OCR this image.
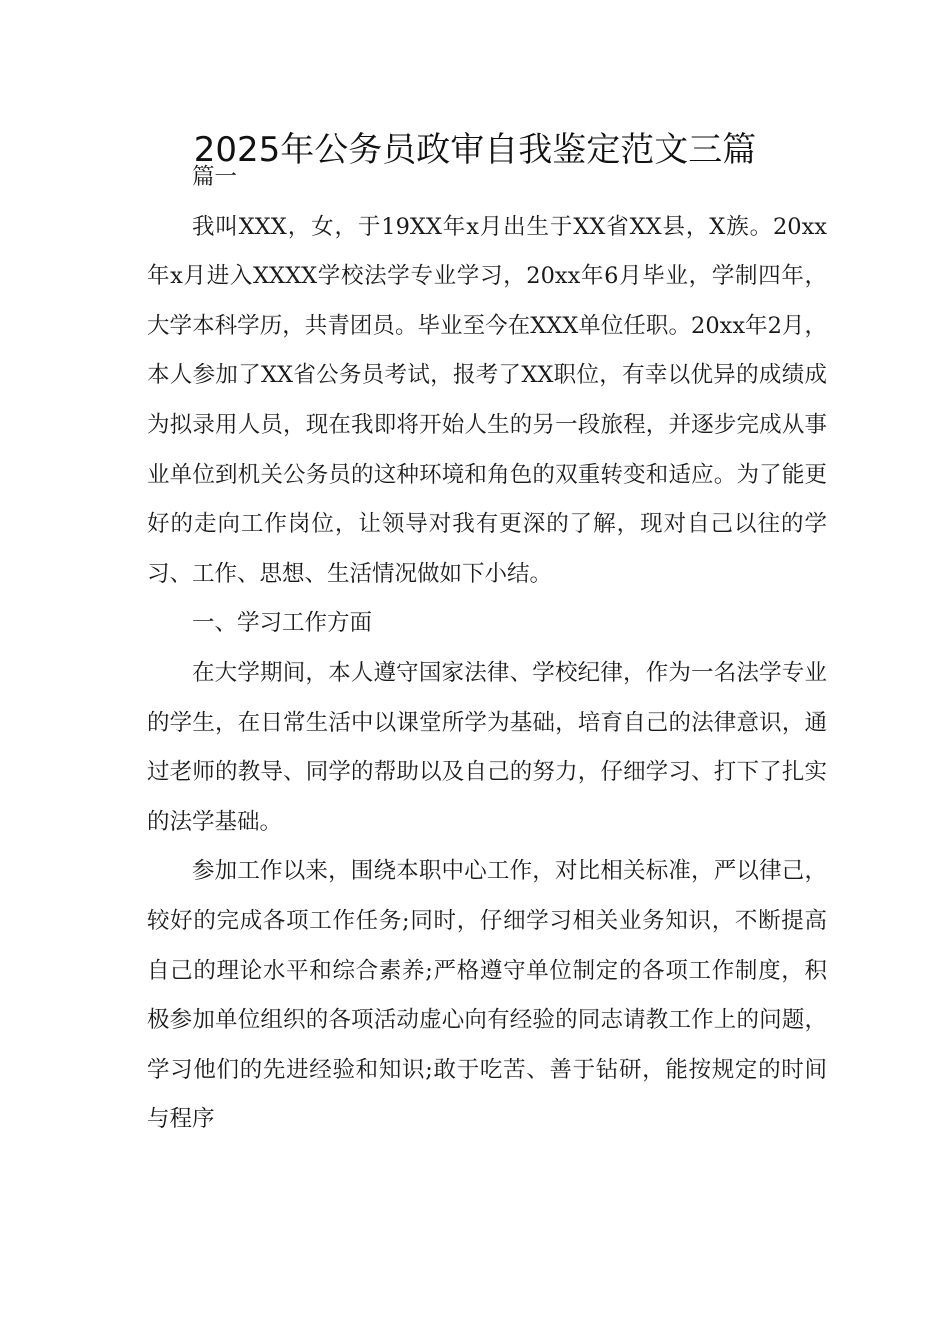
2025年公务员政审自我鉴定范文三篇

篇一

我叫XXX，女，于19XX年x月出生于XX省XX县，X族。20xx年x月进入XXXX学校法学专业学习，20xx年6月毕业，学制四年，大学本科学历，共青团员。毕业至今在XXX单位任职。20xx年2月，本人参加了XX省公务员考试，报考了XX职位，有幸以优异的成绩成为拟录用人员，现在我即将开始人生的另一段旅程，并逐步完成从事业单位到机关公务员的这种环境和角色的双重转变和适应。为了能更好的走向工作岗位，让领导对我有更深的了解，现对自己以往的学习、工作、思想、生活情况做如下小结。

一、学习工作方面

在大学期间，本人遵守国家法律、学校纪律，作为一名法学专业的学生，在日常生活中以课堂所学为基础，培育自己的法律意识，通过老师的教导、同学的帮助以及自己的努力，仔细学习、打下了扎实的法学基础。

参加工作以来，围绕本职中心工作，对比相关标准，严以律己，较好的完成各项工作任务;同时，仔细学习相关业务知识，不断提高自己的理论水平和综合素养;严格遵守单位制定的各项工作制度，积极参加单位组织的各项活动虚心向有经验的同志请教工作上的问题，学习他们的先进经验和知识;敢于吃苦、善于钻研，能按规定的时间与程序
